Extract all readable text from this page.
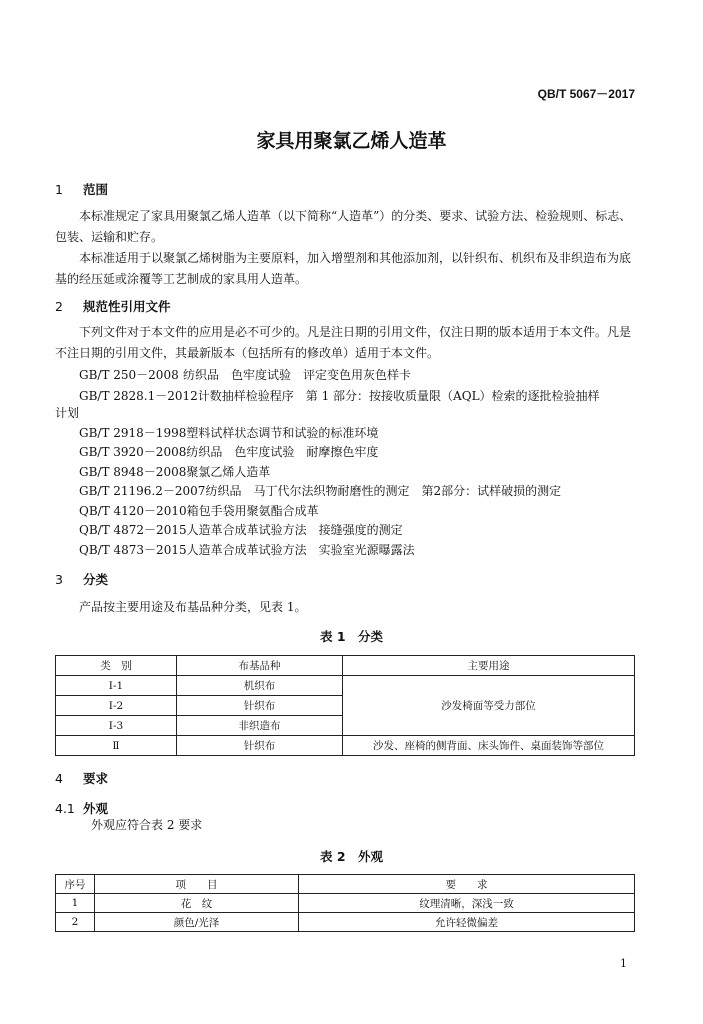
QB/T 5067－2017
家具用聚氯乙烯人造革
1 范围
本标准规定了家具用聚氯乙烯人造革（以下简称“人造革”）的分类、要求、试验方法、检验规则、标志、包装、运输和贮存。
本标准适用于以聚氯乙烯树脂为主要原料，加入增塑剂和其他添加剂，以针织布、机织布及非织造布为底基的经压延或涂覆等工艺制成的家具用人造革。
2 规范性引用文件
下列文件对于本文件的应用是必不可少的。凡是注日期的引用文件，仅注日期的版本适用于本文件。凡是不注日期的引用文件，其最新版本（包括所有的修改单）适用于本文件。
GB/T 250－2008 纺织品　色牢度试验　评定变色用灰色样卡
GB/T 2828.1－2012计数抽样检验程序　第 1 部分：按接收质量限（AQL）检索的逐批检验抽样
计划
GB/T 2918－1998塑料试样状态调节和试验的标准环境
GB/T 3920－2008纺织品　色牢度试验　耐摩擦色牢度
GB/T 8948－2008聚氯乙烯人造革
GB/T 21196.2－2007纺织品　马丁代尔法织物耐磨性的测定　第2部分：试样破损的测定
QB/T 4120－2010箱包手袋用聚氨酯合成革
QB/T 4872－2015人造革合成革试验方法　接缝强度的测定
QB/T 4873－2015人造革合成革试验方法　实验室光源曝露法
3 分类
产品按主要用途及布基品种分类，见表 1。
表 1　分类
类　别	布基品种	主要用途
Ⅰ-1	机织布	沙发椅面等受力部位
Ⅰ-2	针织布	
Ⅰ-3	非织造布	
Ⅱ	针织布	沙发、座椅的侧背面、床头饰件、桌面装饰等部位
4 要求
4.1 外观
外观应符合表 2 要求
表 2　外观
序号	项　　目	要　　求
1	花　纹	纹理清晰，深浅一致
2	颜色/光泽	允许轻微偏差
1
